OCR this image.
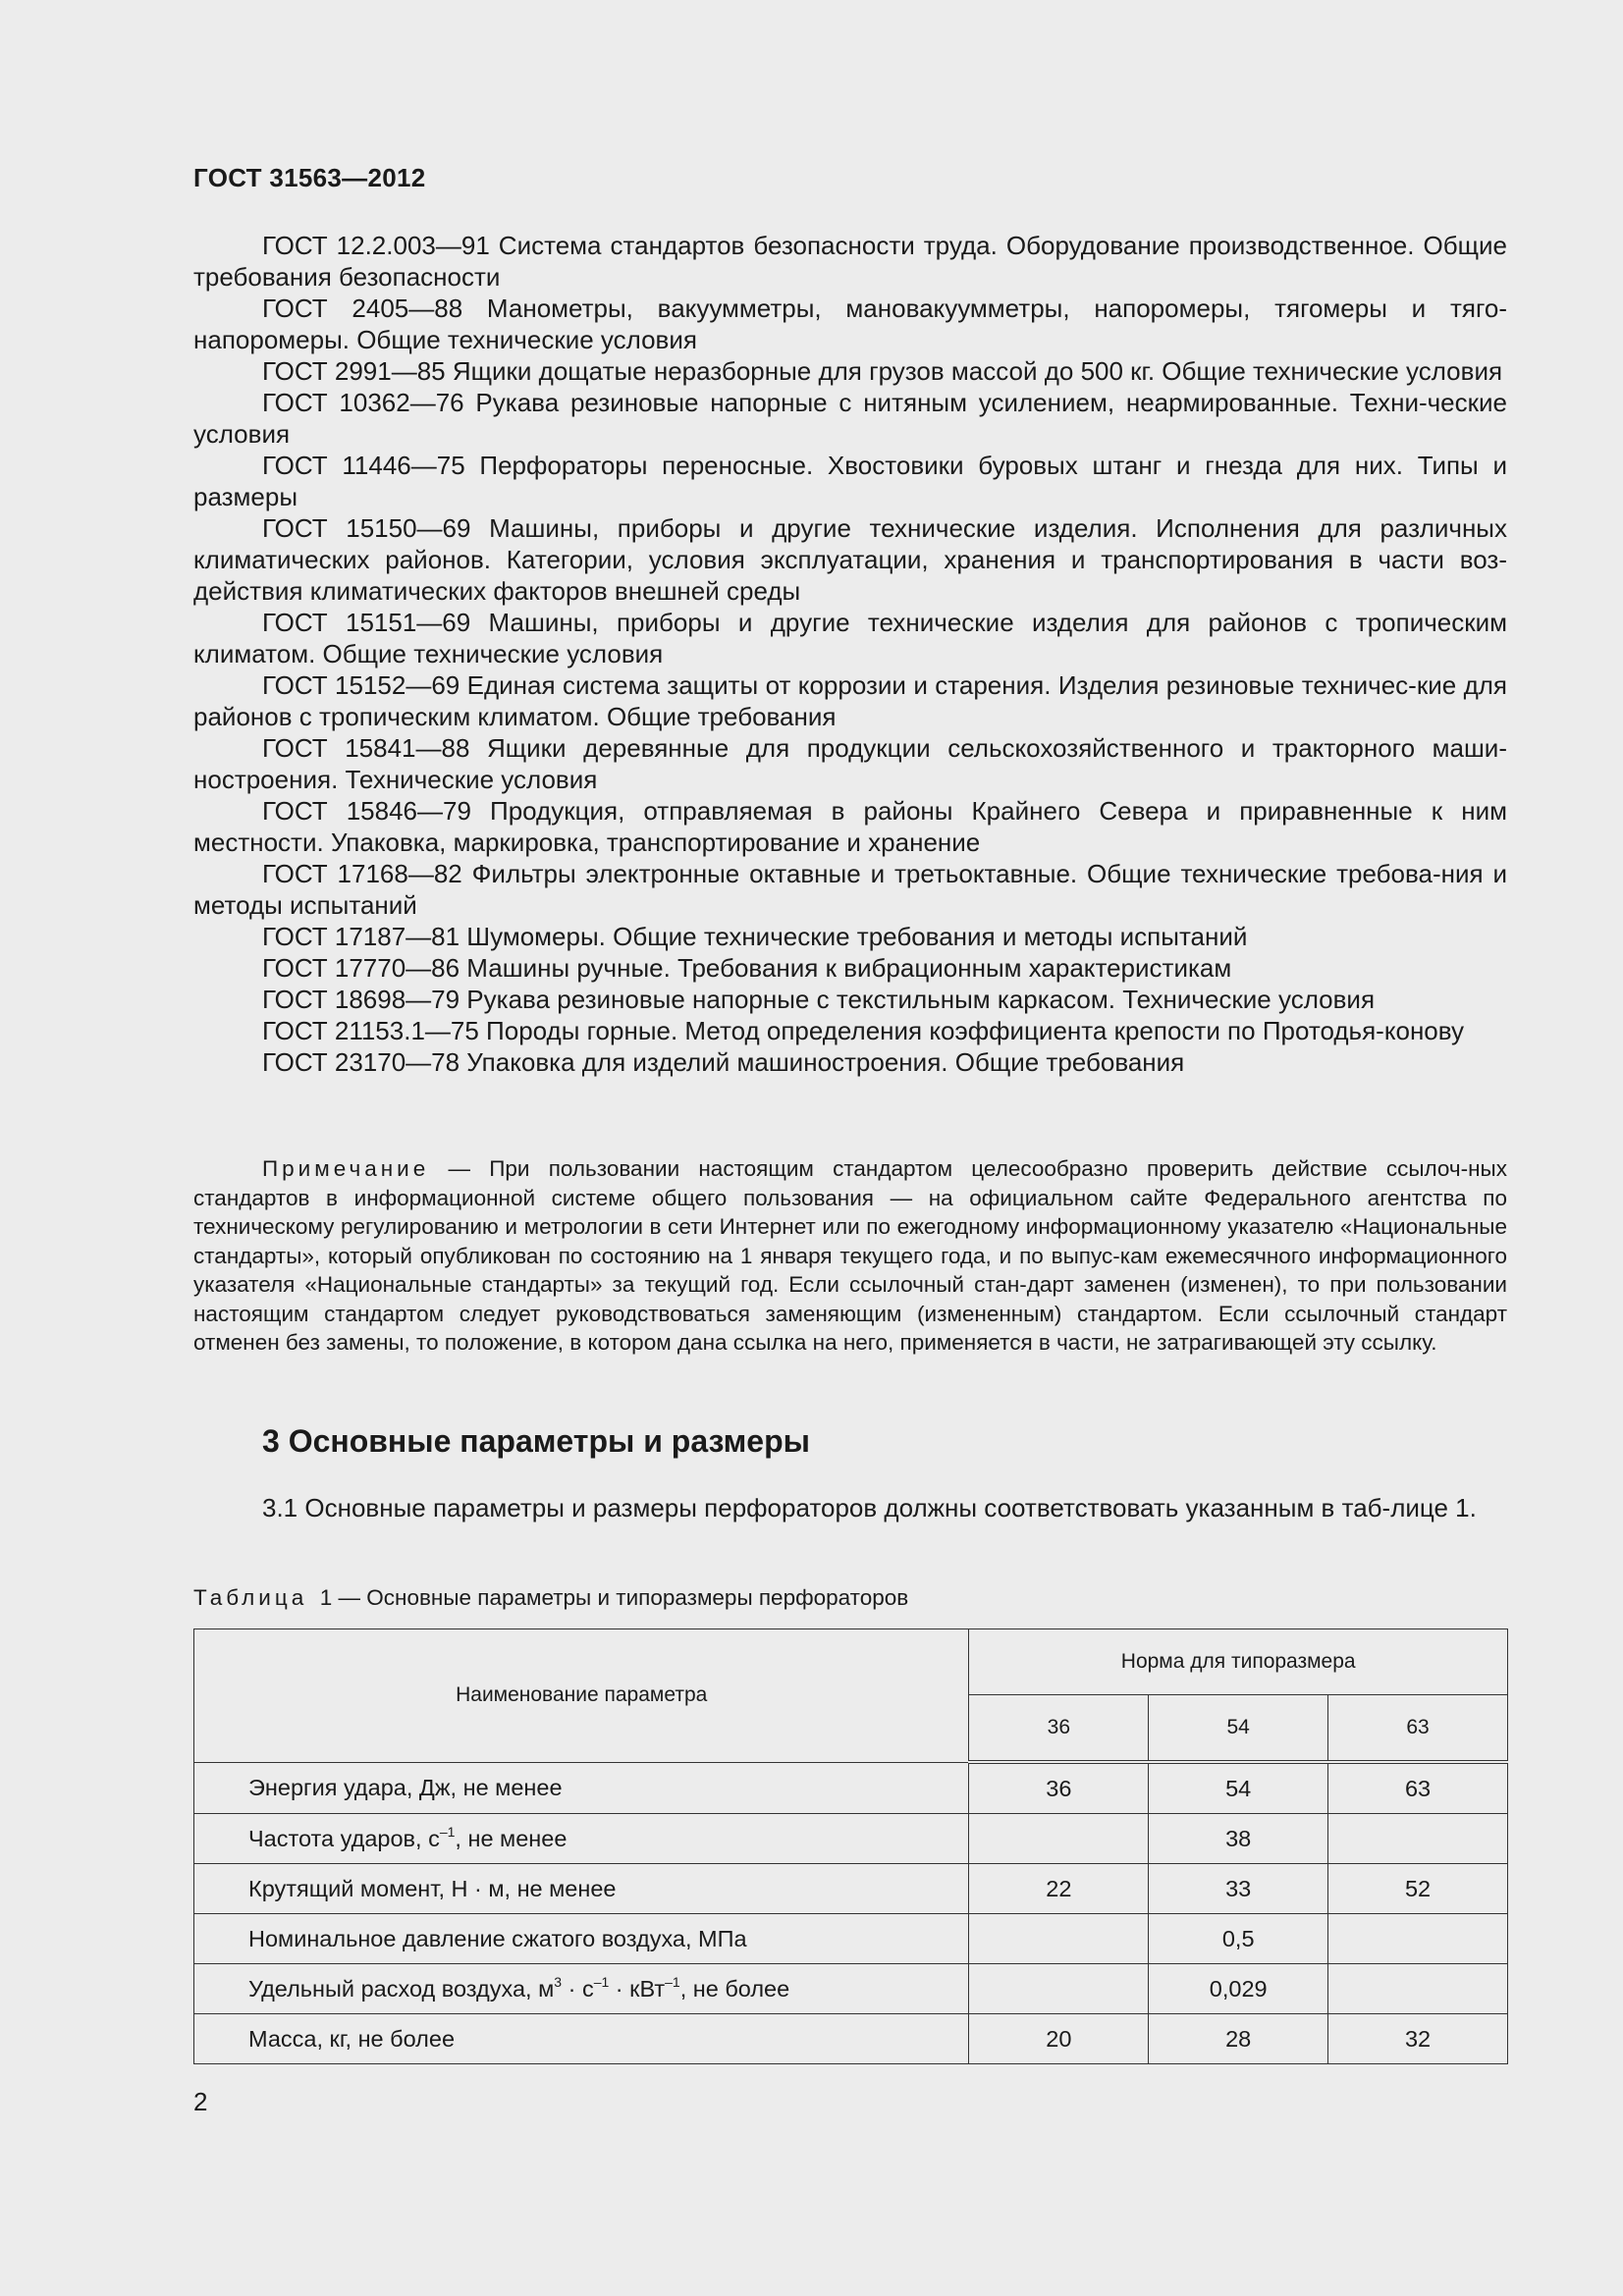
ГОСТ 31563—2012

ГОСТ 12.2.003—91 Система стандартов безопасности труда. Оборудование производственное. Общие требования безопасности

ГОСТ 2405—88 Манометры, вакуумметры, мановакуумметры, напоромеры, тягомеры и тяго-напоромеры. Общие технические условия

ГОСТ 2991—85 Ящики дощатые неразборные для грузов массой до 500 кг. Общие технические условия

ГОСТ 10362—76 Рукава резиновые напорные с нитяным усилением, неармированные. Техни-ческие условия

ГОСТ 11446—75 Перфораторы переносные. Хвостовики буровых штанг и гнезда для них. Типы и размеры

ГОСТ 15150—69 Машины, приборы и другие технические изделия. Исполнения для различных климатических районов. Категории, условия эксплуатации, хранения и транспортирования в части воз-действия климатических факторов внешней среды

ГОСТ 15151—69 Машины, приборы и другие технические изделия для районов с тропическим климатом. Общие технические условия

ГОСТ 15152—69 Единая система защиты от коррозии и старения. Изделия резиновые техничес-кие для районов с тропическим климатом. Общие требования

ГОСТ 15841—88 Ящики деревянные для продукции сельскохозяйственного и тракторного маши-ностроения. Технические условия

ГОСТ 15846—79 Продукция, отправляемая в районы Крайнего Севера и приравненные к ним местности. Упаковка, маркировка, транспортирование и хранение

ГОСТ 17168—82 Фильтры электронные октавные и третьоктавные. Общие технические требова-ния и методы испытаний

ГОСТ 17187—81 Шумомеры. Общие технические требования и методы испытаний

ГОСТ 17770—86 Машины ручные. Требования к вибрационным характеристикам

ГОСТ 18698—79 Рукава резиновые напорные с текстильным каркасом. Технические условия

ГОСТ 21153.1—75 Породы горные. Метод определения коэффициента крепости по Протодья-конову

ГОСТ 23170—78 Упаковка для изделий машиностроения. Общие требования

Примечание — При пользовании настоящим стандартом целесообразно проверить действие ссылоч-ных стандартов в информационной системе общего пользования — на официальном сайте Федерального агентства по техническому регулированию и метрологии в сети Интернет или по ежегодному информационному указателю «Национальные стандарты», который опубликован по состоянию на 1 января текущего года, и по выпус-кам ежемесячного информационного указателя «Национальные стандарты» за текущий год. Если ссылочный стан-дарт заменен (изменен), то при пользовании настоящим стандартом следует руководствоваться заменяющим (измененным) стандартом. Если ссылочный стандарт отменен без замены, то положение, в котором дана ссылка на него, применяется в части, не затрагивающей эту ссылку.

3 Основные параметры и размеры

3.1 Основные параметры и размеры перфораторов должны соответствовать указанным в таб-лице 1.

Таблица 1 — Основные параметры и типоразмеры перфораторов
Наименование параметра	Норма для типоразмера		
	36	54	63
Энергия удара, Дж, не менее	36	54	63
Частота ударов, $с^{-1}$, не менее		38	
Крутящий момент, Н · м, не менее	22	33	52
Номинальное давление сжатого воздуха, МПа		0,5	
Удельный расход воздуха, $м^3 \cdot с^{-1} \cdot кВт^{-1}$, не более		0,029	
Масса, кг, не более	20	28	32
2
